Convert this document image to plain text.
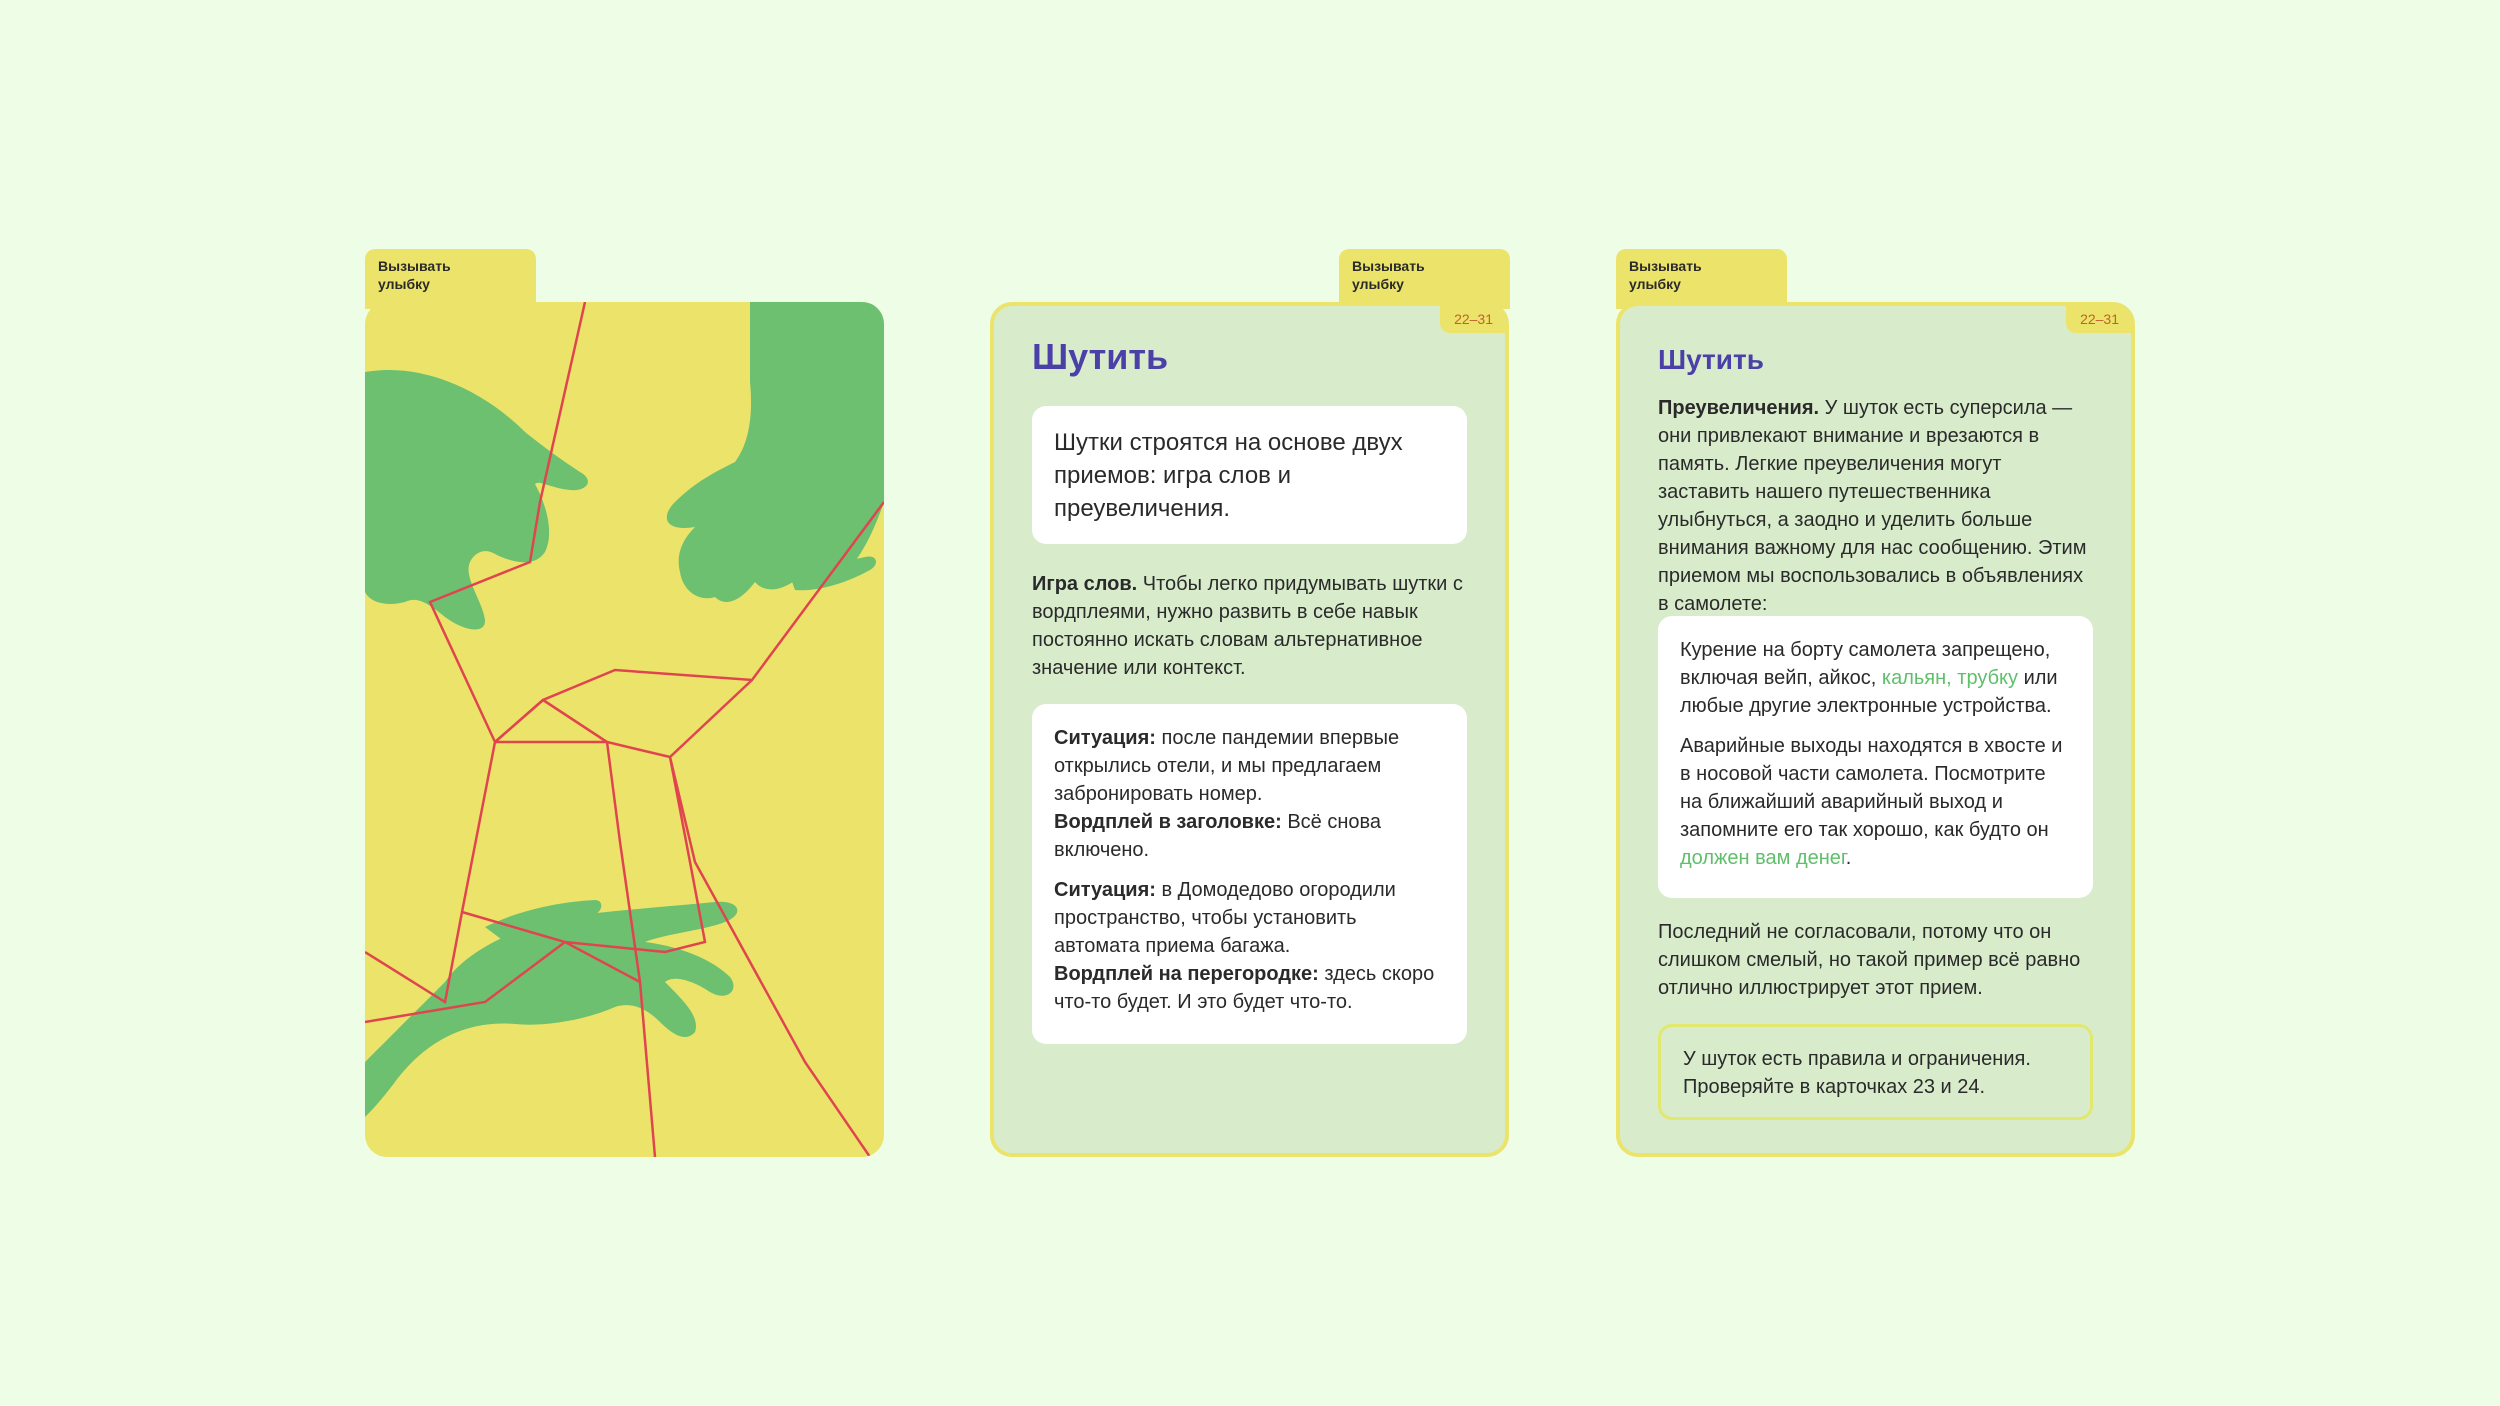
Вызывать
улыбку
Вызывать
улыбку
22–31
Шутить

Шутки строятся на основе двух приемов: игра слов и преувеличения.

Игра слов. Чтобы легко придумывать шутки с вордплеями, нужно развить в себе навык постоянно искать словам альтернативное значение или контекст.

Ситуация: после пандемии впервые открылись отели, и мы предлагаем забронировать номер.

Вордплей в заголовке: Всё снова включено.

Ситуация: в Домодедово огородили пространство, чтобы установить автомата приема багажа.

Вордплей на перегородке: здесь скоро что-то будет. И это будет что-то.

Вызывать
улыбку
22–31
Шутить

Преувеличения. У шуток есть суперсила — они привлекают внимание и врезаются в память. Легкие преувеличения могут заставить нашего путешественника улыбнуться, а заодно и уделить больше внимания важному для нас сообщению. Этим приемом мы воспользовались в объявлениях в самолете:

Курение на борту самолета запрещено, включая вейп, айкос, кальян, трубку или любые другие электронные устройства.

Аварийные выходы находятся в хвосте и в носовой части самолета. Посмотрите на ближайший аварийный выход и запомните его так хорошо, как будто он должен вам денег.

Последний не согласовали, потому что он слишком смелый, но такой пример всё равно отлично иллюстрирует этот прием.

У шуток есть правила и ограничения. Проверяйте в карточках 23 и 24.
